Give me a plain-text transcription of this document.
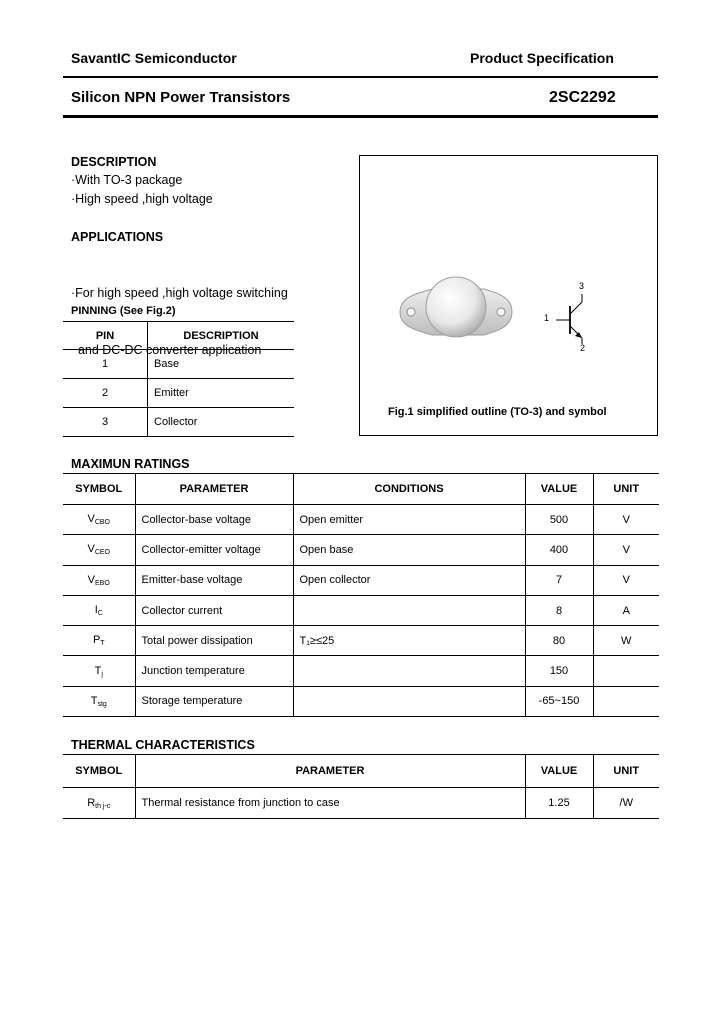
SavantIC Semiconductor	Product Specification
Silicon NPN Power Transistors	2SC2292
DESCRIPTION
·With TO-3 package
·High speed ,high voltage
APPLICATIONS

·For high speed ,high voltage switching

and DC-DC converter application

PINNING (See Fig.2)
PIN	DESCRIPTION
1	Base
2	Emitter
3	Collector
1
2
3
Fig.1 simplified outline (TO-3) and symbol
MAXIMUN RATINGS
SYMBOL	PARAMETER	CONDITIONS	VALUE	UNIT
$V_{CBO}$	Collector-base voltage	Open emitter	500	V
$V_{CEO}$	Collector-emitter voltage	Open base	400	V
$V_{EBO}$	Emitter-base voltage	Open collector	7	V
$I_C$	Collector current		8	A
$P_T$	Total power dissipation	T₁≥≤25	80	W
$T_j$	Junction temperature		150	
$T_{stg}$	Storage temperature		-65~150	
THERMAL CHARACTERISTICS
SYMBOL	PARAMETER	VALUE	UNIT
$R_{th j-c}$	Thermal resistance from junction to case	1.25	/W
